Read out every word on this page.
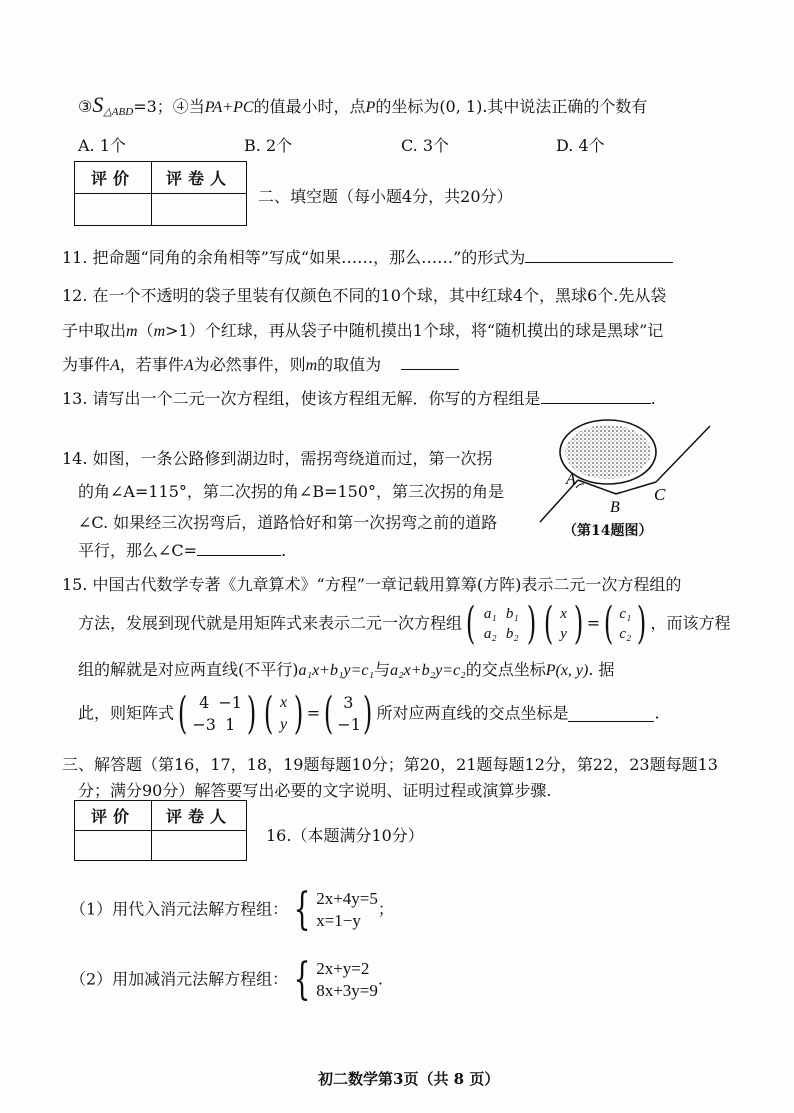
$③S_{\triangle ABD}=3$；④当PA+PC的值最小时，点P的坐标为(0, 1).其中说法正确的个数有
A. 1个	B. 2个	C. 3个	D. 4个
评价	评卷人

二、填空题（每小题4分，共20分）
11. 把命题“同角的余角相等”写成“如果……，那么……”的形式为
12. 在一个不透明的袋子里装有仅颜色不同的10个球，其中红球4个，黑球6个.先从袋
子中取出m（m>1）个红球，再从袋子中随机摸出1个球，将“随机摸出的球是黑球”记
为事件A，若事件A为必然事件，则m的取值为
13. 请写出一个二元一次方程组，使该方程组无解．你写的方程组是	.
14. 如图，一条公路修到湖边时，需拐弯绕道而过，第一次拐
的角∠A=115°，第二次拐的角∠B=150°，第三次拐的角是
∠C. 如果经三次拐弯后，道路恰好和第一次拐弯之前的道路
平行，那么∠C=	.
A
B
C
（第14题图）
15. 中国古代数学专著《九章算术》“方程”一章记载用算筹(方阵)表示二元一次方程组的
方法，发展到现代就是用矩阵式来表示二元一次方程组( a₁ b₁
a₂ b₂ ) ( x
y ) =( c₁
c₂ ) ，而该方程
组的解就是对应两直线(不平行)a₁x+b₁y=c₁与a₂x+b₂y=c₂的交点坐标P(x, y). 据
此，则矩阵式( 4 −1
−3 1 ) ( x
y ) =( 3
−1) 所对应两直线的交点坐标是	.
三、解答题（第16，17，18，19题每题10分；第20，21题每题12分，第22，23题每题13
分；满分90分）解答要写出必要的文字说明、证明过程或演算步骤.
评价	评卷人

16.（本题满分10分）
（1）用代入消元法解方程组： { 2x+4y=5
x=1−y；
（2）用加减消元法解方程组： { 2x+y=2
8x+3y=9.
初二数学第3页（共 8 页）
